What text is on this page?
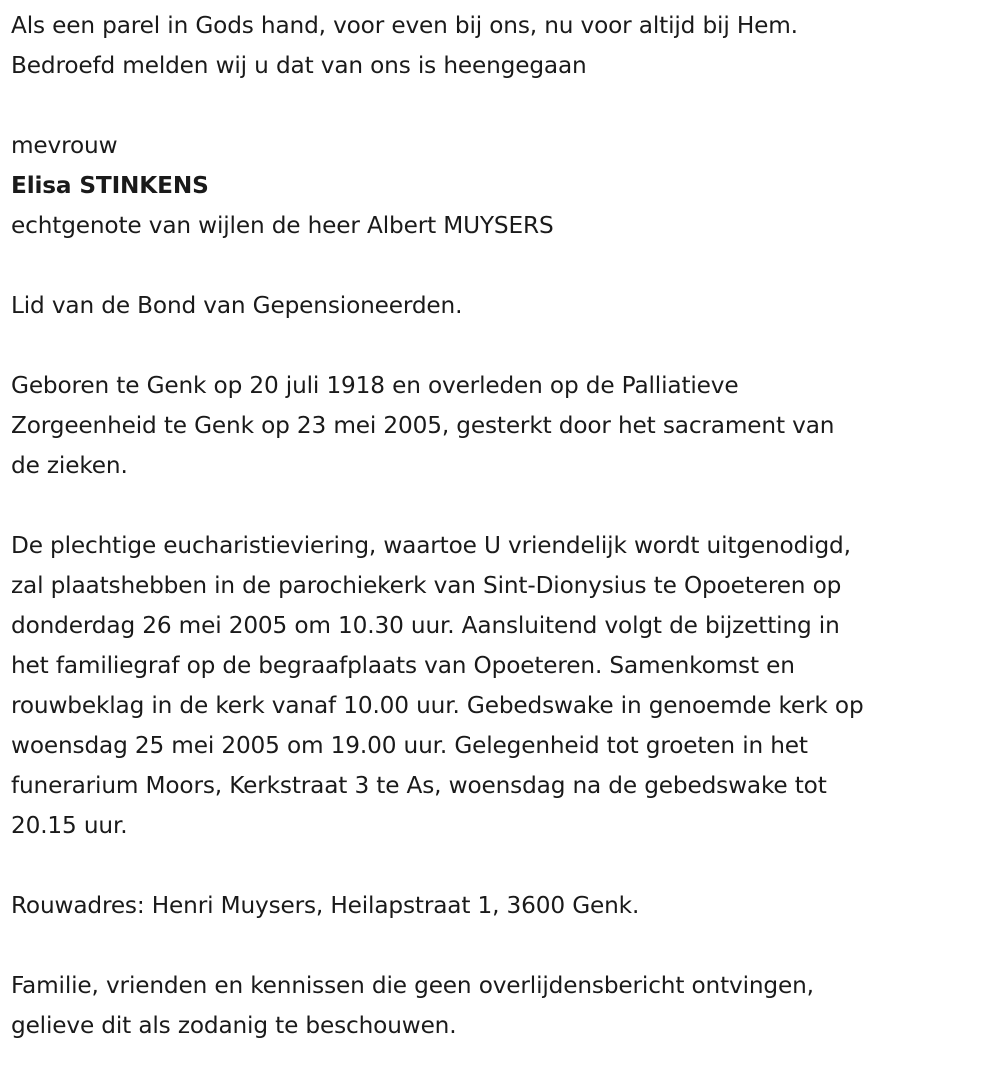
Als een parel in Gods hand, voor even bij ons, nu voor altijd bij Hem.
Bedroefd melden wij u dat van ons is heengegaan
mevrouw
Elisa STINKENS
echtgenote van wijlen de heer Albert MUYSERS
Lid van de Bond van Gepensioneerden.
Geboren te Genk op 20 juli 1918 en overleden op de Palliatieve
Zorgeenheid te Genk op 23 mei 2005, gesterkt door het sacrament van
de zieken.
De plechtige eucharistieviering, waartoe U vriendelijk wordt uitgenodigd,
zal plaatshebben in de parochiekerk van Sint-Dionysius te Opoeteren op
donderdag 26 mei 2005 om 10.30 uur. Aansluitend volgt de bijzetting in
het familiegraf op de begraafplaats van Opoeteren. Samenkomst en
rouwbeklag in de kerk vanaf 10.00 uur. Gebedswake in genoemde kerk op
woensdag 25 mei 2005 om 19.00 uur. Gelegenheid tot groeten in het
funerarium Moors, Kerkstraat 3 te As, woensdag na de gebedswake tot
20.15 uur.
Rouwadres: Henri Muysers, Heilapstraat 1, 3600 Genk.
Familie, vrienden en kennissen die geen overlijdensbericht ontvingen,
gelieve dit als zodanig te beschouwen.
